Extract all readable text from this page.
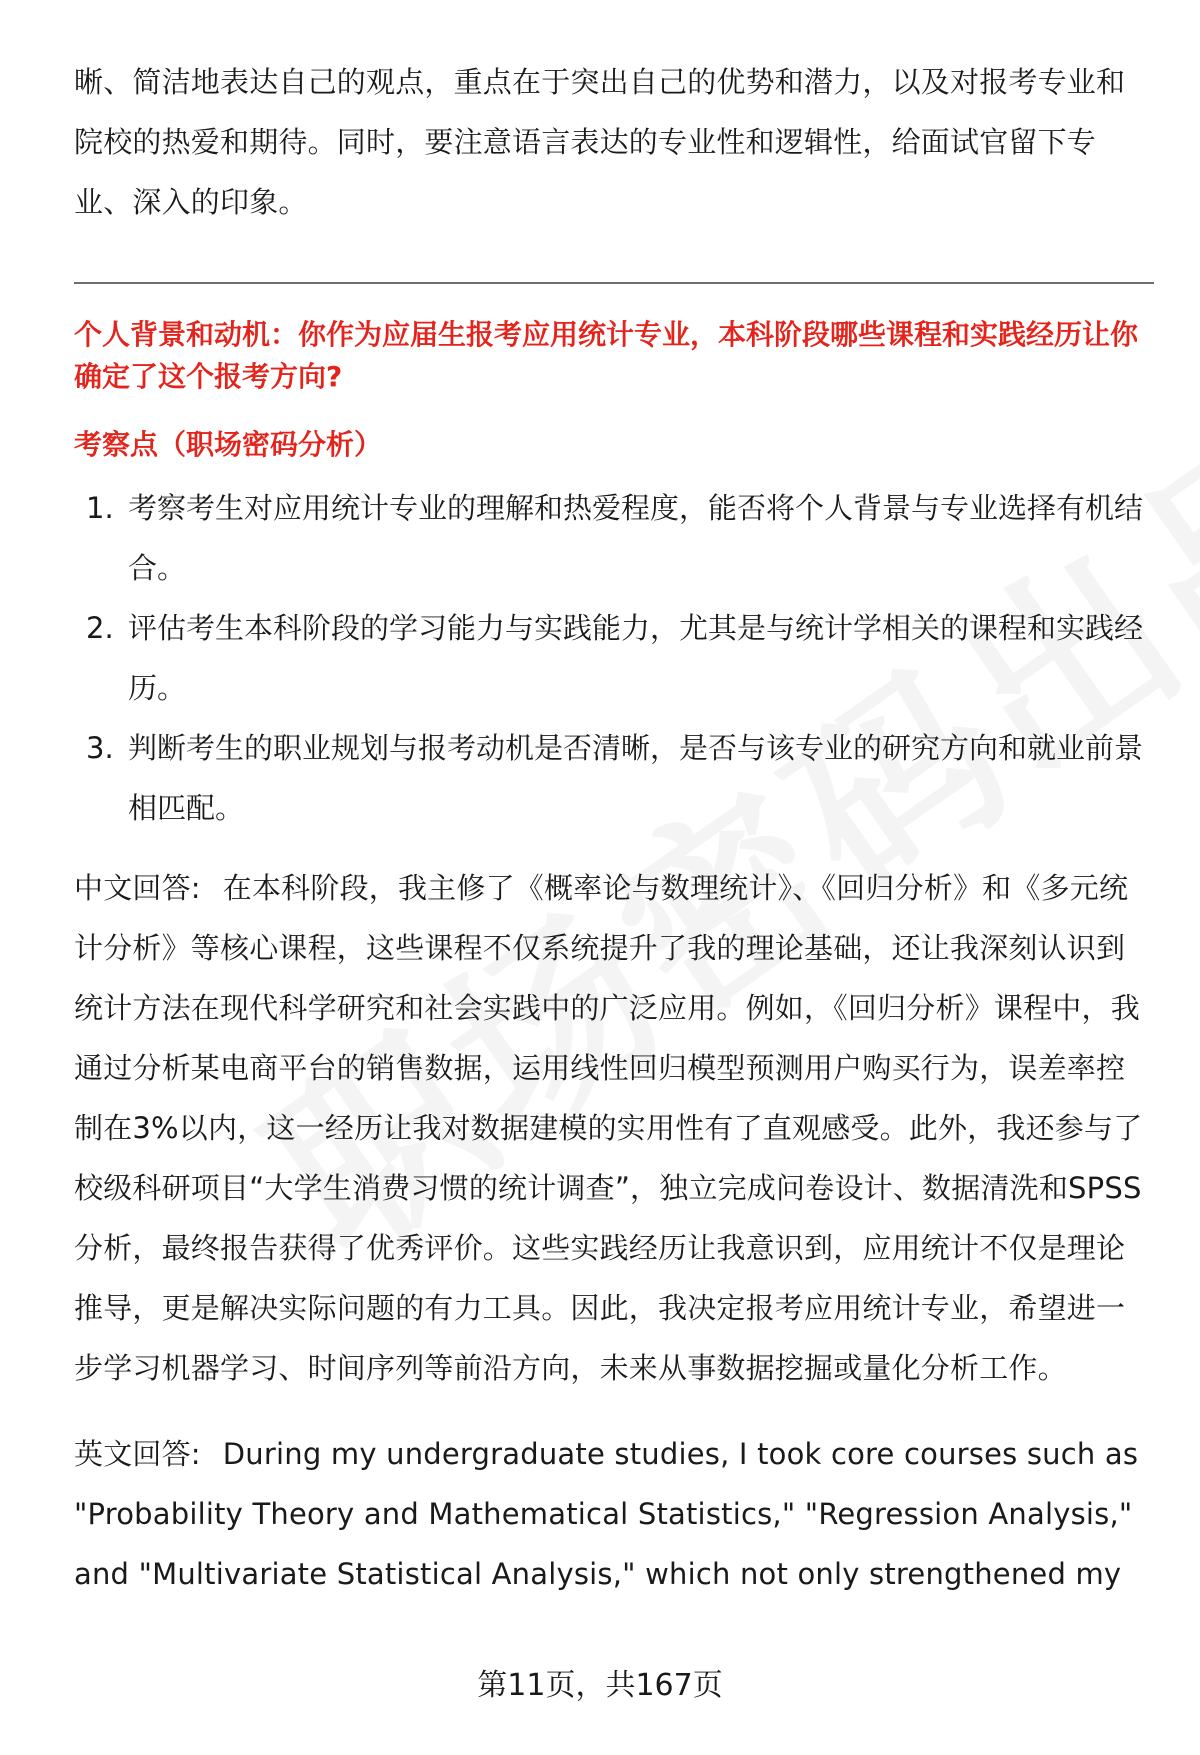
晰、简洁地表达自己的观点，重点在于突出自己的优势和潜力，以及对报考专业和院校的热爱和期待。同时，要注意语言表达的专业性和逻辑性，给面试官留下专业、深入的印象。

个人背景和动机：你作为应届生报考应用统计专业，本科阶段哪些课程和实践经历让你确定了这个报考方向?

考察点（职场密码分析）

1. 考察考生对应用统计专业的理解和热爱程度，能否将个人背景与专业选择有机结合。
2. 评估考生本科阶段的学习能力与实践能力，尤其是与统计学相关的课程和实践经历。
3. 判断考生的职业规划与报考动机是否清晰，是否与该专业的研究方向和就业前景相匹配。

中文回答: 在本科阶段，我主修了《概率论与数理统计》、《回归分析》和《多元统计分析》等核心课程，这些课程不仅系统提升了我的理论基础，还让我深刻认识到统计方法在现代科学研究和社会实践中的广泛应用。例如，《回归分析》课程中，我通过分析某电商平台的销售数据，运用线性回归模型预测用户购买行为，误差率控制在3%以内，这一经历让我对数据建模的实用性有了直观感受。此外，我还参与了校级科研项目“大学生消费习惯的统计调查”，独立完成问卷设计、数据清洗和SPSS分析，最终报告获得了优秀评价。这些实践经历让我意识到，应用统计不仅是理论推导，更是解决实际问题的有力工具。因此，我决定报考应用统计专业，希望进一步学习机器学习、时间序列等前沿方向，未来从事数据挖掘或量化分析工作。

英文回答: During my undergraduate studies, I took core courses such as "Probability Theory and Mathematical Statistics," "Regression Analysis," and "Multivariate Statistical Analysis," which not only strengthened my

第11页，共167页
